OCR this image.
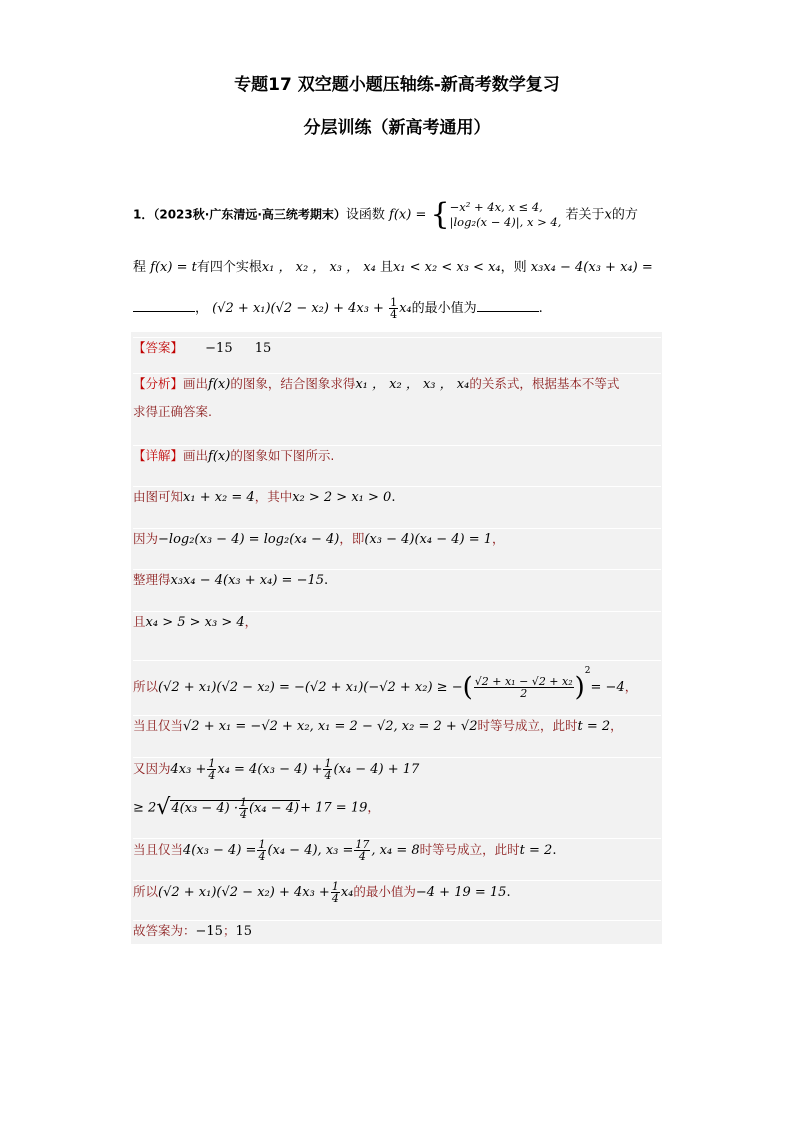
专题17 双空题小题压轴练-新高考数学复习
分层训练（新高考通用）
1．（2023秋·广东清远·高三统考期末）设函数 f(x) = { −x² + 4x, x ≤ 4,
|log₂(x − 4)|, x > 4, 若关于x的方
程 f(x) = t有四个实根x₁ ， x₂ ， x₃ ， x₄ 且x₁ < x₂ < x₃ < x₄，则 x₃x₄ − 4(x₃ + x₄) =
， $(√2 + x_1)(√2 - x_2) + 4x_3 + \frac{1}{4} x_4$的最小值为	.
【答案】 −15 15
【分析】画出f(x)的图象，结合图象求得x₁ ， x₂ ， x₃ ， x₄的关系式，根据基本不等式
求得正确答案.
【详解】画出f(x)的图象如下图所示.
由图可知x₁ + x₂ = 4，其中x₂ > 2 > x₁ > 0.
因为−log₂(x₃ − 4) = log₂(x₄ − 4)，即(x₃ − 4)(x₄ − 4) = 1，
整理得x₃x₄ − 4(x₃ + x₄) = −15.
且x₄ > 5 > x₃ > 4，
所以(√2 + x₁)(√2 − x₂) = −(√2 + x₁)(−√2 + x₂) ≥ −( $\frac{\text{√2 + x₁ − √2 + x₂}}{2} )^2= -4$，
当且仅当√2 + x₁ = −√2 + x₂, x₁ = 2 − √2, x₂ = 2 + √2时等号成立，此时t = 2，
又因为$4x_3 + \frac{1}{4} x_4 = 4(x_3 - 4) + \frac{1}{4} (x_4 - 4) + 17$
≥ $2√4(x_3 - 4) \cdot \frac{1}{4} (x_4 - 4)+ 17 = 19$，
当且仅当$4(x_3 - 4) = \frac{1}{4} (x_4 - 4)$, $x_3 = \frac{17}{4}$ , x₄ = 8时等号成立，此时t = 2.
所以$(√2 + x_1)(√2 - x_2) + 4x_3 + \frac{1}{4} x_4$的最小值为−4 + 19 = 15.
故答案为：−15；15
